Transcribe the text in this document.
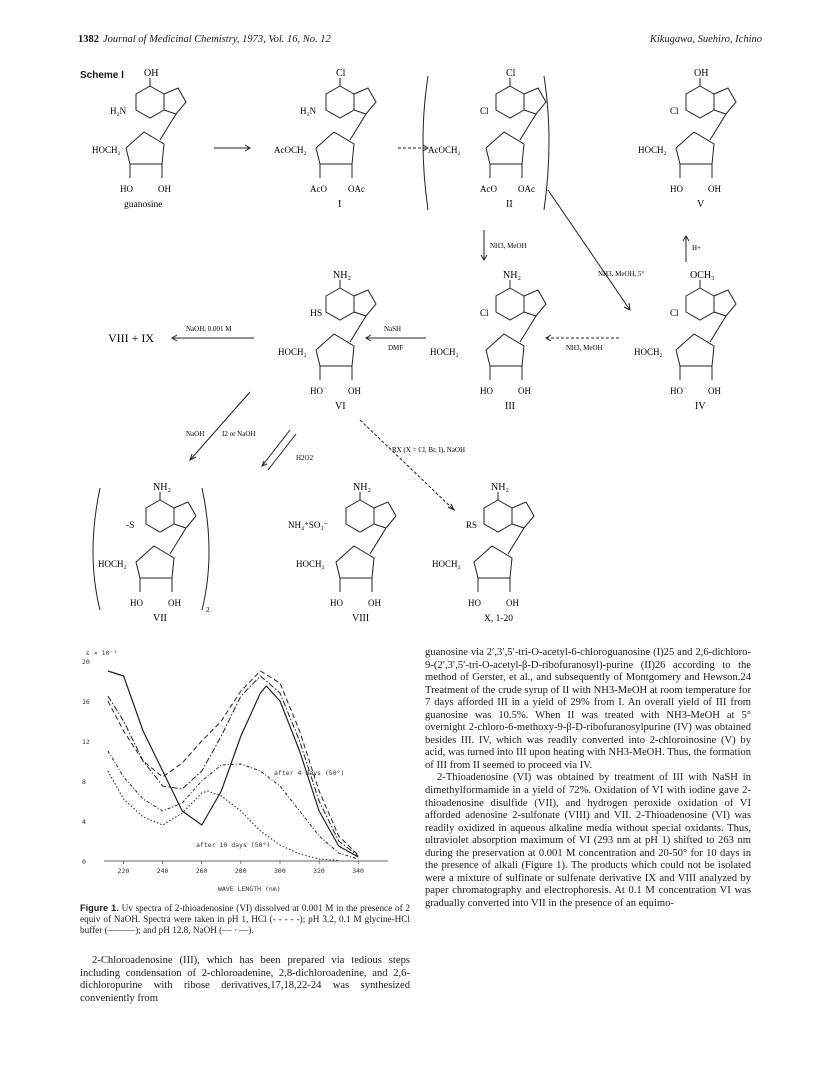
1382 Journal of Medicinal Chemistry, 1973, Vol. 16, No. 12	Kikugawa, Suehiro, Ichino
Scheme I OH
H₂N
HOCH₂
HO	OH
guanosine
Cl
H₂N
AcOCH₂
AcO OAc
I
Cl
Cl
AcOCH₂
AcO OAc
II
OH
Cl
HOCH₂
HO	OH
V
NH₂
HS
HOCH₂
HO	OH
VI
NH₂
Cl
HOCH₂
HO	OH
III
OCH₃
Cl
HOCH₂
HO	OH
IV
VIII + IX
NaOH, 0.001 M	NaSH
DMF	NH3, MeOH
NH3, MeOH
NH3, MeOH, 5°
H+
NaOH	I2 or NaOH
H2O2
RX (X = Cl, Br, I), NaOH
NH₂
-S
HOCH₂
HO	OH
VII
2
NH₂
NH₄⁺SO₃⁻
HOCH₂
HO	OH
VIII
NH₂
RS
HOCH₂
HO	OH
X, 1-20
ε × 10⁻³
220	240	260	280	300	320	340
0
4
8
12
16
20
WAVE LENGTH (nm)
after 4 days (50°)
after 10 days (50°)
Figure 1. Uv spectra of 2-thioadenosine (VI) dissolved at 0.001 M in the presence of 2 equiv of NaOH. Spectra were taken in pH 1, HCl (- - - - -); pH 3.2, 0.1 M glycine-HCl buffer (———); and pH 12.8, NaOH (— · —).

2-Chloroadenosine (III), which has been prepared via tedious steps including condensation of 2-chloroadenine, 2,8-dichloroadenine, and 2,6-dichloropurine with ribose derivatives,17,18,22-24 was synthesized conveniently from

guanosine via 2′,3′,5′-tri-O-acetyl-6-chloroguanosine (I)25 and 2,6-dichloro-9-(2′,3′,5′-tri-O-acetyl-β-D-ribofuranosyl)-purine (II)26 according to the method of Gerster, et al., and subsequently of Montgomery and Hewson.24 Treatment of the crude syrup of II with NH3-MeOH at room temperature for 7 days afforded III in a yield of 29% from I. An overall yield of III from guanosine was 10.5%. When II was treated with NH3-MeOH at 5° overnight 2-chloro-6-methoxy-9-β-D-ribofuranosylpurine (IV) was obtained besides III. IV, which was readily converted into 2-chloroinosine (V) by acid, was turned into III upon heating with NH3-MeOH. Thus, the formation of III from II seemed to proceed via IV.

2-Thioadenosine (VI) was obtained by treatment of III with NaSH in dimethylformamide in a yield of 72%. Oxidation of VI with iodine gave 2-thioadenosine disulfide (VII), and hydrogen peroxide oxidation of VI afforded adenosine 2-sulfonate (VIII) and VII. 2-Thioadenosine (VI) was readily oxidized in aqueous alkaline media without special oxidants. Thus, ultraviolet absorption maximum of VI (293 nm at pH 1) shifted to 263 nm during the preservation at 0.001 M concentration and 20-50° for 10 days in the presence of alkali (Figure 1). The products which could not be isolated were a mixture of sulfinate or sulfenate derivative IX and VIII analyzed by paper chromatography and electrophoresis. At 0.1 M concentration VI was gradually converted into VII in the presence of an equimo-
